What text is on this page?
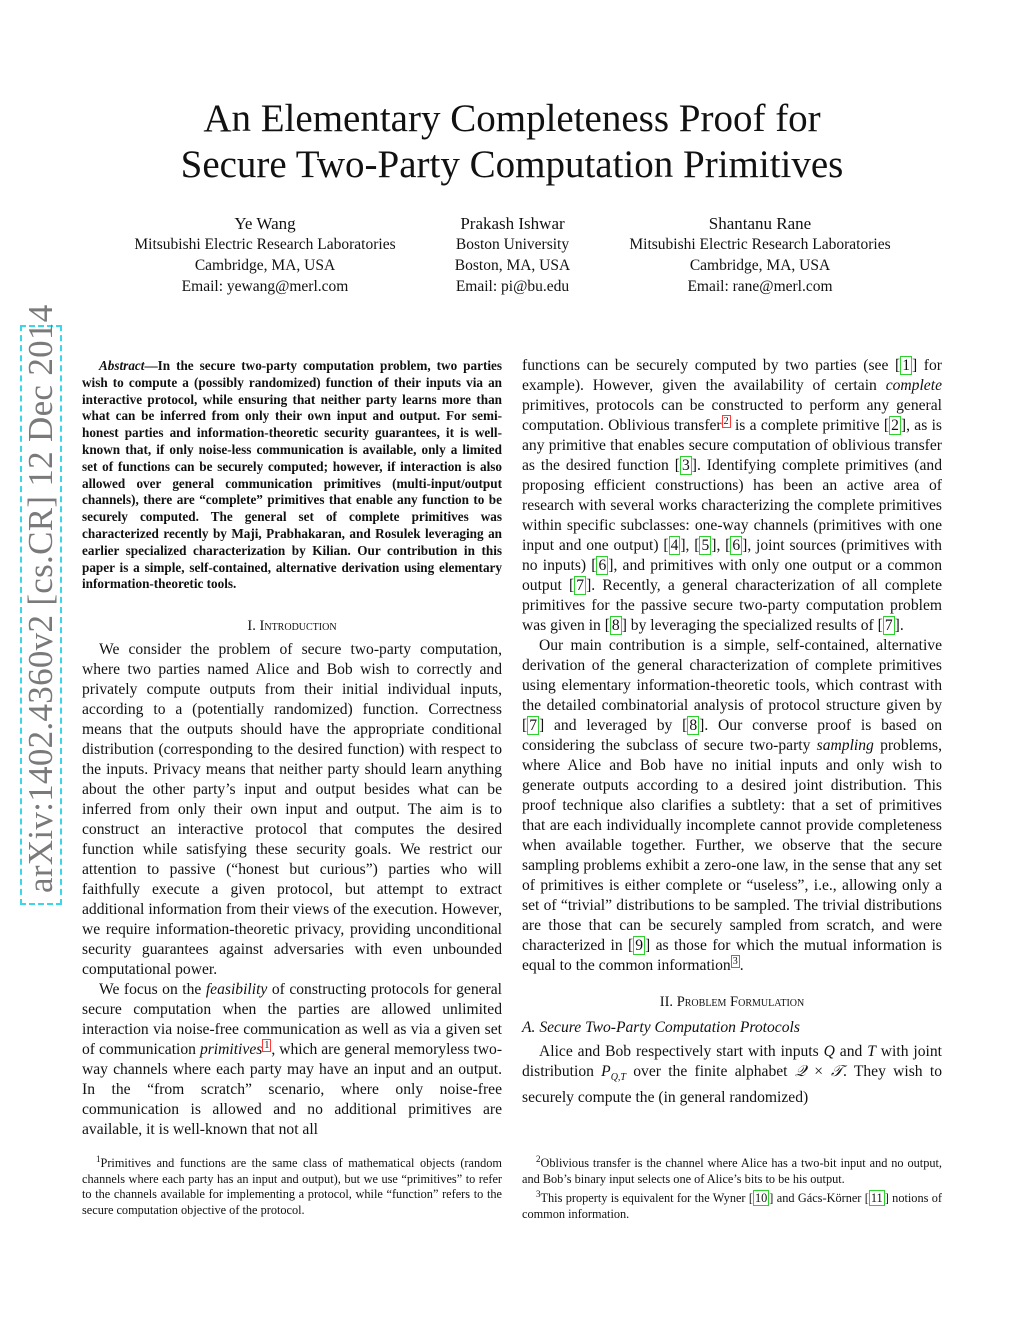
An Elementary Completeness Proof for
Secure Two-Party Computation Primitives
Ye Wang
Mitsubishi Electric Research Laboratories
Cambridge, MA, USA
Email: yewang@merl.com
Prakash Ishwar
Boston University
Boston, MA, USA
Email: pi@bu.edu
Shantanu Rane
Mitsubishi Electric Research Laboratories
Cambridge, MA, USA
Email: rane@merl.com
arXiv:1402.4360v2 [cs.CR] 12 Dec 2014	Abstract—In the secure two-party computation problem, two parties wish to compute a (possibly randomized) function of their inputs via an interactive protocol, while ensuring that neither party learns more than what can be inferred from only their own input and output. For semi-honest parties and information-theoretic security guarantees, it is well-known that, if only noise-less communication is available, only a limited set of functions can be securely computed; however, if interaction is also allowed over general communication primitives (multi-input/output channels), there are “complete” primitives that enable any function to be securely computed. The general set of complete primitives was characterized recently by Maji, Prabhakaran, and Rosulek leveraging an earlier specialized characterization by Kilian. Our contribution in this paper is a simple, self-contained, alternative derivation using elementary information-theoretic tools.

I. Introduction

We consider the problem of secure two-party computation, where two parties named Alice and Bob wish to correctly and privately compute outputs from their initial individual inputs, according to a (potentially randomized) function. Correctness means that the outputs should have the appropriate conditional distribution (corresponding to the desired function) with respect to the inputs. Privacy means that neither party should learn anything about the other party’s input and output besides what can be inferred from only their own input and output. The aim is to construct an interactive protocol that computes the desired function while satisfying these security goals. We restrict our attention to passive (“honest but curious”) parties who will faithfully execute a given protocol, but attempt to extract additional information from their views of the execution. However, we require information-theoretic privacy, providing unconditional security guarantees against adversaries with even unbounded computational power.

We focus on the feasibility of constructing protocols for general secure computation when the parties are allowed unlimited interaction via noise-free communication as well as via a given set of communication primitives $^1$ , which are general memoryless two-way channels where each party may have an input and an output. In the “from scratch” scenario, where only noise-free communication is allowed and no additional primitives are available, it is well-known that not all

$^1$Primitives and functions are the same class of mathematical objects (random channels where each party has an input and output), but we use “primitives” to refer to the channels available for implementing a protocol, while “function” refers to the secure computation objective of the protocol.

functions can be securely computed by two parties (see [ 1 ] for example). However, given the availability of certain complete primitives, protocols can be constructed to perform any general computation. Oblivious transfer $^2$ is a complete primitive [ 2 ], as is any primitive that enables secure computation of oblivious transfer as the desired function [ 3 ]. Identifying complete primitives (and proposing efficient constructions) has been an active area of research with several works characterizing the complete primitives within specific subclasses: one-way channels (primitives with one input and one output) [ 4 ], [ 5 ], [ 6 ], joint sources (primitives with no inputs) [ 6 ], and primitives with only one output or a common output [ 7 ]. Recently, a general characterization of all complete primitives for the passive secure two-party computation problem was given in [ 8 ] by leveraging the specialized results of [ 7 ].

Our main contribution is a simple, self-contained, alternative derivation of the general characterization of complete primitives using elementary information-theoretic tools, which contrast with the detailed combinatorial analysis of protocol structure given by [ 7 ] and leveraged by [ 8 ]. Our converse proof is based on considering the subclass of secure two-party sampling problems, where Alice and Bob have no initial inputs and only wish to generate outputs according to a desired joint distribution. This proof technique also clarifies a subtlety: that a set of primitives that are each individually incomplete cannot provide completeness when available together. Further, we observe that the secure sampling problems exhibit a zero-one law, in the sense that any set of primitives is either complete or “useless”, i.e., allowing only a set of “trivial” distributions to be sampled. The trivial distributions are those that can be securely sampled from scratch, and were characterized in [ 9 ] as those for which the mutual information is equal to the common information $^3$ .

II. Problem Formulation
A. Secure Two-Party Computation Protocols

Alice and Bob respectively start with inputs Q and T with joint distribution $P_{Q,T}$ over the finite alphabet 𝒬 × 𝒯. They wish to securely compute the (in general randomized)

$^2$Oblivious transfer is the channel where Alice has a two-bit input and no output, and Bob’s binary input selects one of Alice’s bits to be his output.

$^3$This property is equivalent for the Wyner [ 10 ] and Gács-Körner [ 11 ] notions of common information.
